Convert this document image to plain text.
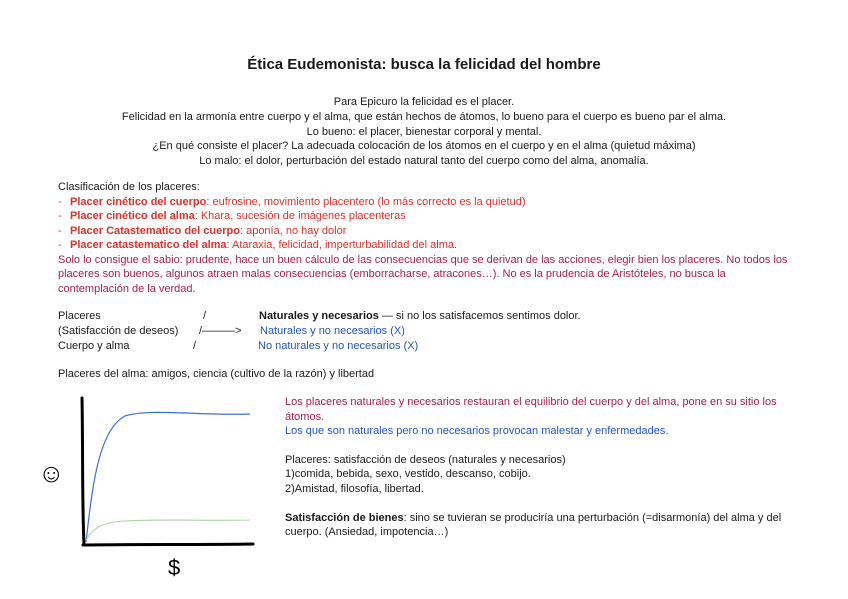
Ética Eudemonista: busca la felicidad del hombre
Para Epicuro la felicidad es el placer.
Felicidad en la armonía entre cuerpo y el alma, que están hechos de átomos, lo bueno para el cuerpo es bueno par el alma.
Lo bueno: el placer, bienestar corporal y mental.
¿En qué consiste el placer? La adecuada colocación de los átomos en el cuerpo y en el alma (quietud máxima)
Lo malo: el dolor, perturbación del estado natural tanto del cuerpo como del alma, anomalía.
Clasificación de los placeres:
- Placer cinético del cuerpo: eufrosine, movimiento placentero (lo más correcto es la quietud)
- Placer cinético del alma: Khara, sucesión de imágenes placenteras
- Placer Catastematico del cuerpo: aponía, no hay dolor
- Placer catastematico del alma: Ataraxia, felicidad, imperturbabilidad del alma.
Solo lo consigue el sabio: prudente, hace un buen cálculo de las consecuencias que se derivan de las acciones, elegir bien los placeres. No todos los placeres son buenos, algunos atraen malas consecuencias (emborracharse, atracones…). No es la prudencia de Aristóteles, no busca la contemplación de la verdad.
Placeres
(Satisfacción de deseos)
Cuerpo y alma
/
/———>
/
Naturales y necesarios — si no los satisfacemos sentimos dolor.
Naturales y no necesarios (X)
No naturales y no necesarios (X)
Placeres del alma: amigos, ciencia (cultivo de la razón) y libertad
Los placeres naturales y necesarios restauran el equilibrio del cuerpo y del alma, pone en su sitio los átomos.
Los que son naturales pero no necesarios provocan malestar y enfermedades.
Placeres: satisfacción de deseos (naturales y necesarios)
1)comida, bebida, sexo, vestido, descanso, cobijo.
2)Amistad, filosofía, libertad.
Satisfacción de bienes: sino se tuvieran se produciría una perturbación (=disarmonía) del alma y del cuerpo. (Ansiedad, impotencia…)
☺
$
